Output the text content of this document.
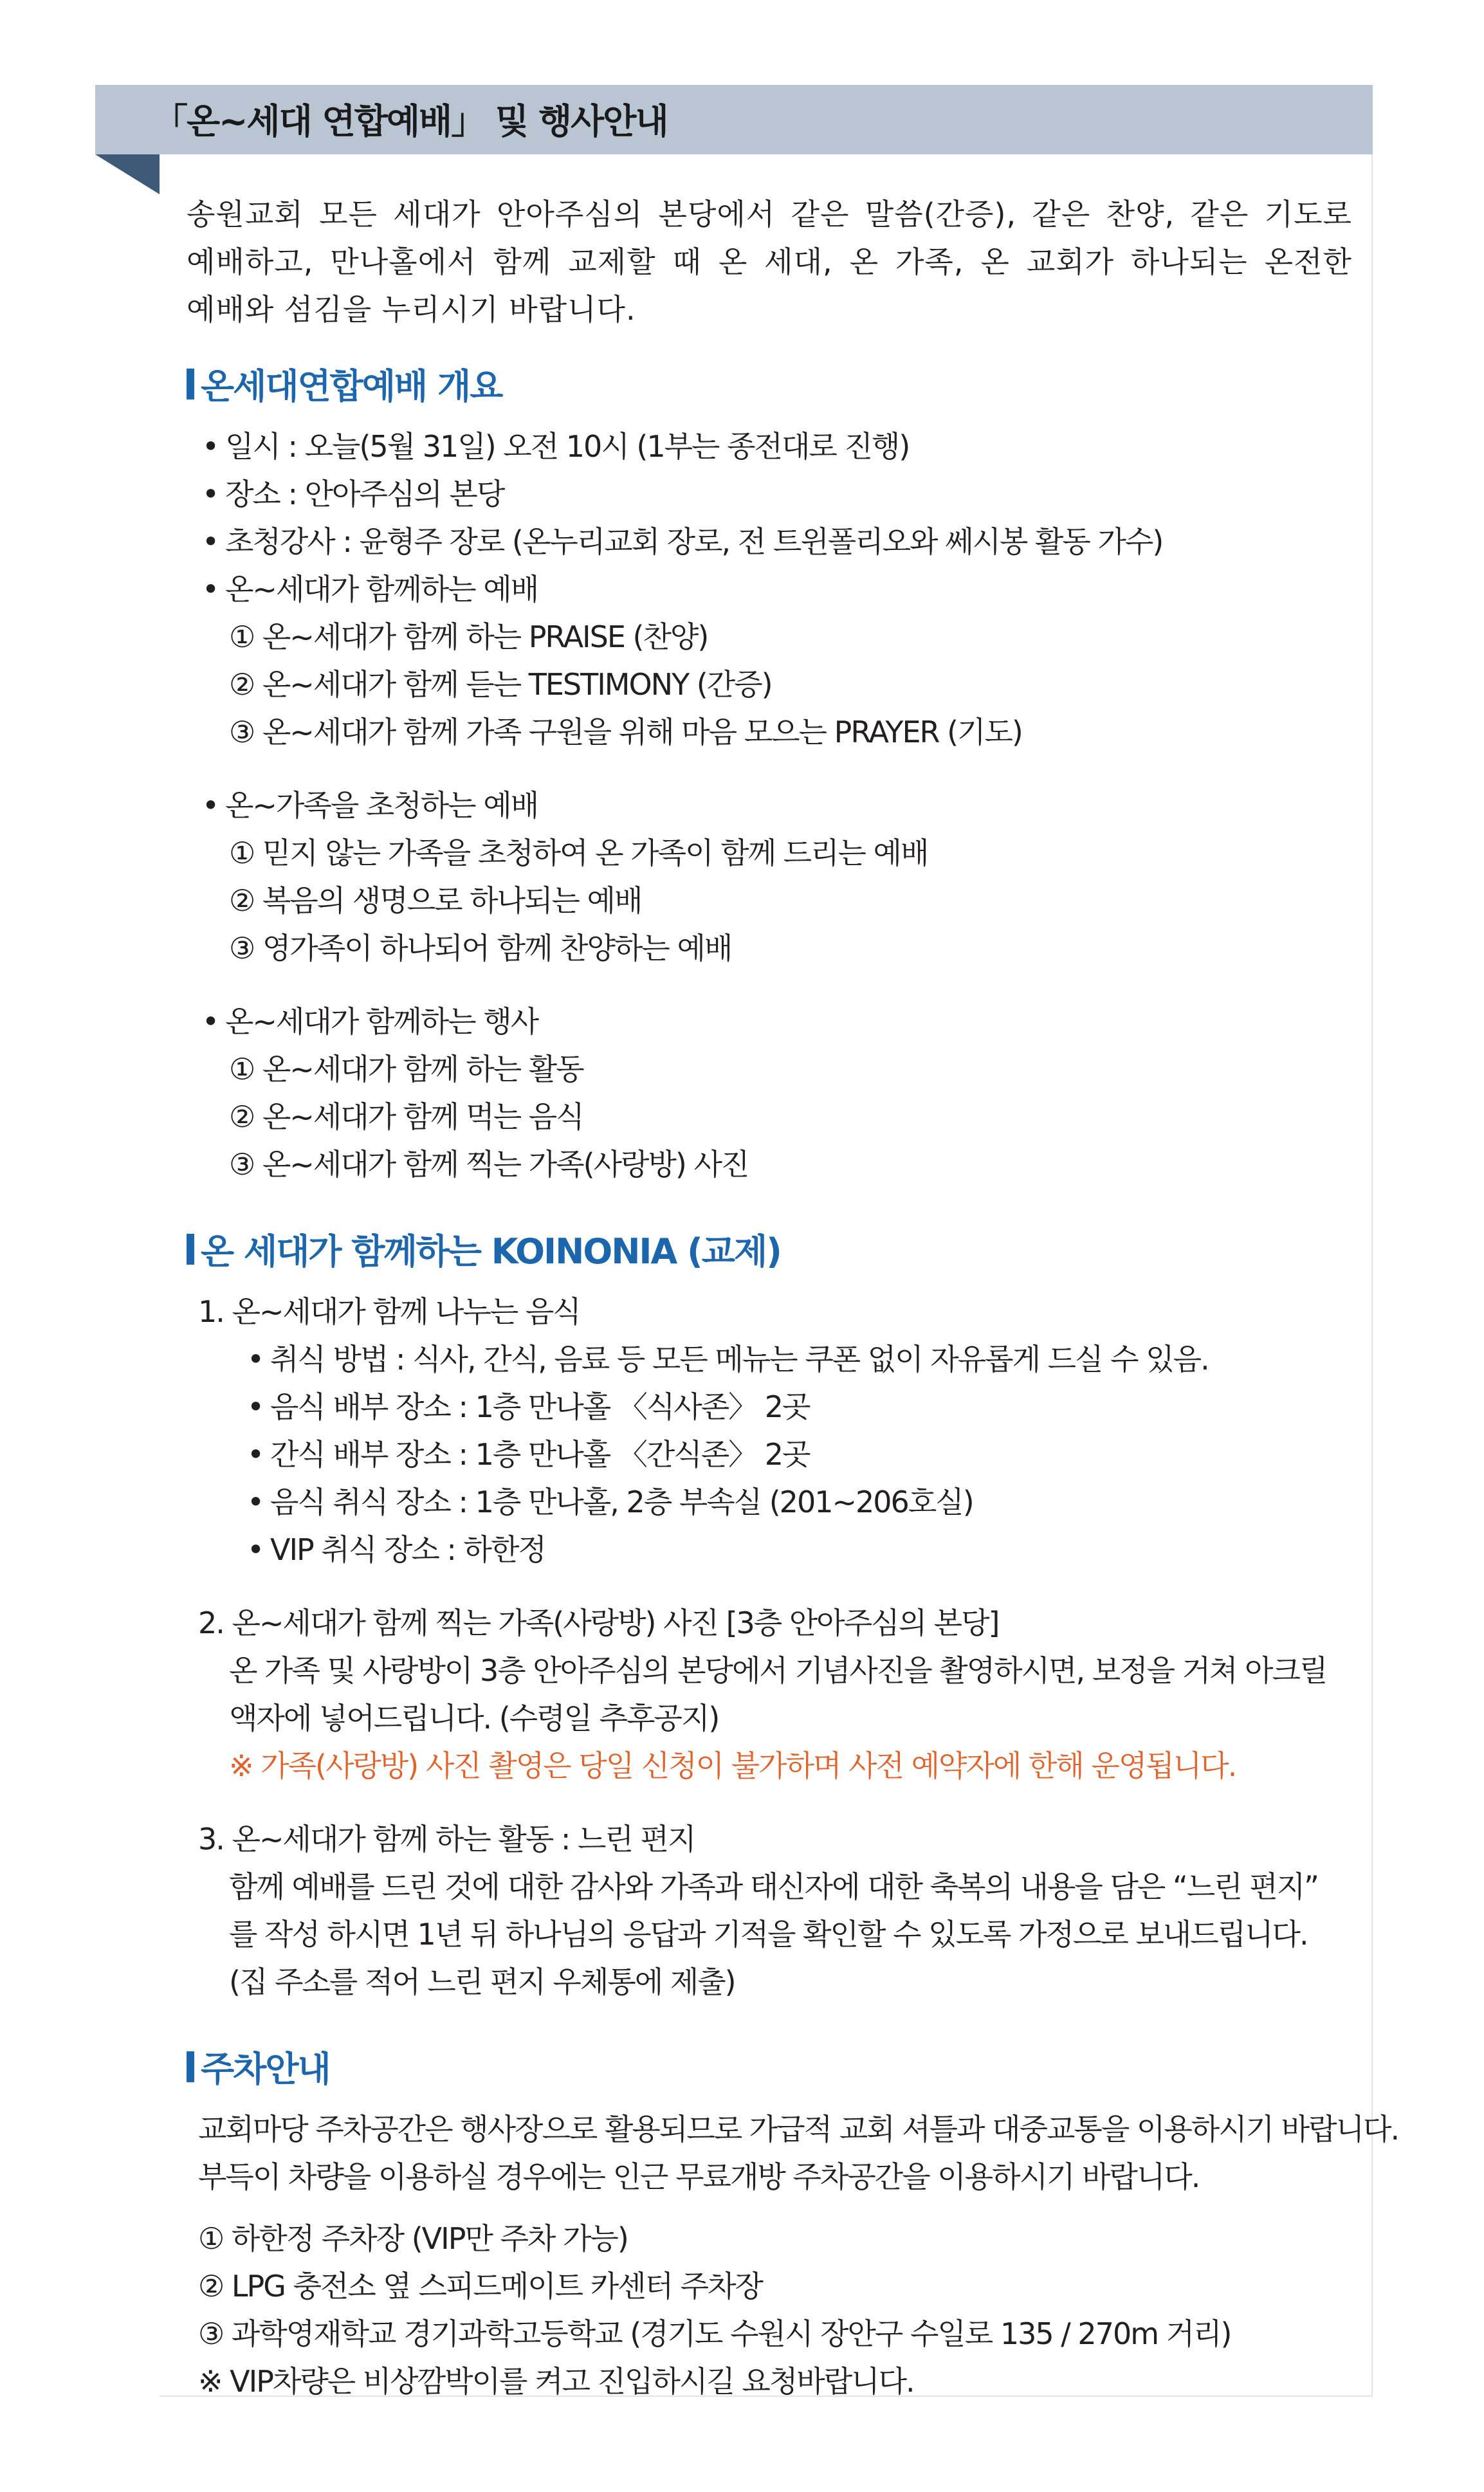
「온~세대 연합예배」 및 행사안내

송원교회 모든 세대가 안아주심의 본당에서 같은 말씀(간증), 같은 찬양, 같은 기도로

예배하고, 만나홀에서 함께 교제할 때 온 세대, 온 가족, 온 교회가 하나되는 온전한

예배와 섬김을 누리시기 바랍니다.

온세대연합예배 개요
• 일시 : 오늘(5월 31일) 오전 10시 (1부는 종전대로 진행)
• 장소 : 안아주심의 본당
• 초청강사 : 윤형주 장로 (온누리교회 장로, 전 트윈폴리오와 쎄시봉 활동 가수)
• 온~세대가 함께하는 예배
① 온~세대가 함께 하는 PRAISE (찬양)
② 온~세대가 함께 듣는 TESTIMONY (간증)
③ 온~세대가 함께 가족 구원을 위해 마음 모으는 PRAYER (기도)
• 온~가족을 초청하는 예배
① 믿지 않는 가족을 초청하여 온 가족이 함께 드리는 예배
② 복음의 생명으로 하나되는 예배
③ 영가족이 하나되어 함께 찬양하는 예배
• 온~세대가 함께하는 행사
① 온~세대가 함께 하는 활동
② 온~세대가 함께 먹는 음식
③ 온~세대가 함께 찍는 가족(사랑방) 사진
온 세대가 함께하는 KOINONIA (교제)
1. 온~세대가 함께 나누는 음식
• 취식 방법 : 식사, 간식, 음료 등 모든 메뉴는 쿠폰 없이 자유롭게 드실 수 있음.
• 음식 배부 장소 : 1층 만나홀 〈식사존〉 2곳
• 간식 배부 장소 : 1층 만나홀 〈간식존〉 2곳
• 음식 취식 장소 : 1층 만나홀, 2층 부속실 (201~206호실)
• VIP 취식 장소 : 하한정
2. 온~세대가 함께 찍는 가족(사랑방) 사진 [3층 안아주심의 본당]
온 가족 및 사랑방이 3층 안아주심의 본당에서 기념사진을 촬영하시면, 보정을 거쳐 아크릴
액자에 넣어드립니다. (수령일 추후공지)
※ 가족(사랑방) 사진 촬영은 당일 신청이 불가하며 사전 예약자에 한해 운영됩니다.
3. 온~세대가 함께 하는 활동 : 느린 편지
함께 예배를 드린 것에 대한 감사와 가족과 태신자에 대한 축복의 내용을 담은 “느린 편지”
를 작성 하시면 1년 뒤 하나님의 응답과 기적을 확인할 수 있도록 가정으로 보내드립니다.
(집 주소를 적어 느린 편지 우체통에 제출)
주차안내
교회마당 주차공간은 행사장으로 활용되므로 가급적 교회 셔틀과 대중교통을 이용하시기 바랍니다.
부득이 차량을 이용하실 경우에는 인근 무료개방 주차공간을 이용하시기 바랍니다.
① 하한정 주차장 (VIP만 주차 가능)
② LPG 충전소 옆 스피드메이트 카센터 주차장
③ 과학영재학교 경기과학고등학교 (경기도 수원시 장안구 수일로 135 / 270m 거리)
※ VIP차량은 비상깜박이를 켜고 진입하시길 요청바랍니다.
